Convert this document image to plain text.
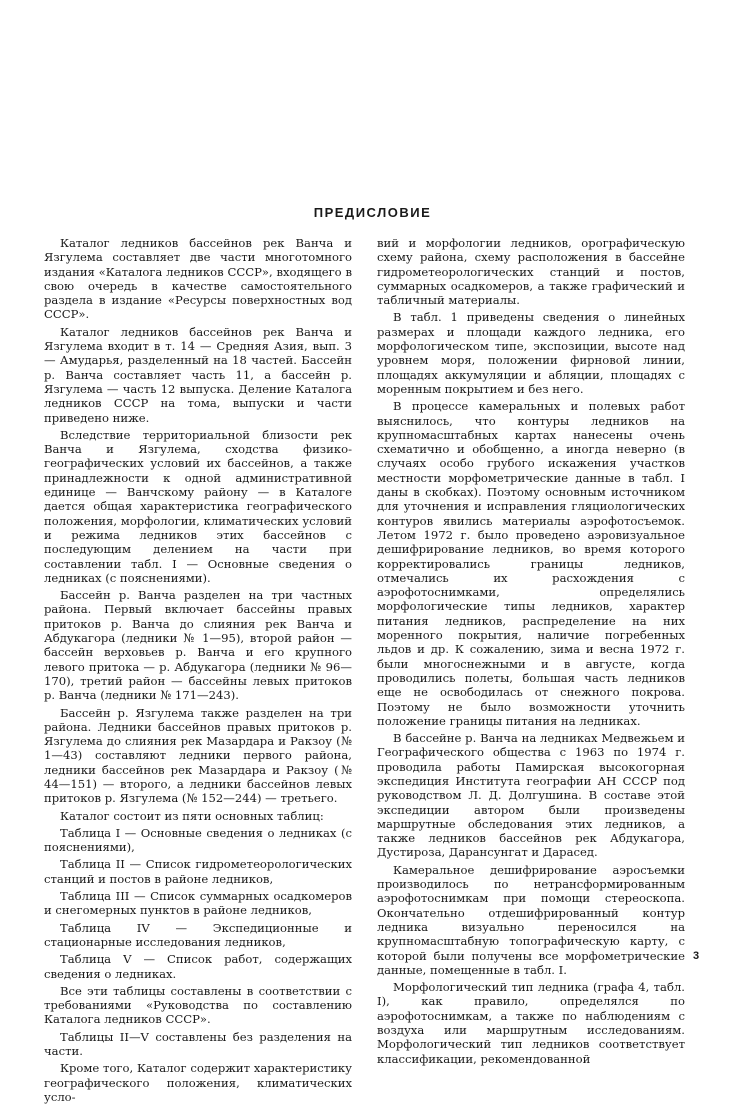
ПРЕДИСЛОВИЕ

Каталог ледников бассейнов рек Ванча и Язгулема составляет две части многотомного издания «Каталога ледников СССР», входящего в свою очередь в качестве самостоятельного раздела в издание «Ресурсы поверхностных вод СССР».

Каталог ледников бассейнов рек Ванча и Язгулема входит в т. 14 — Средняя Азия, вып. 3 — Амударья, разделенный на 18 частей. Бассейн р. Ванча составляет часть 11, а бассейн р. Язгулема — часть 12 выпуска. Деление Каталога ледников СССР на тома, выпуски и части приведено ниже.

Вследствие территориальной близости рек Ванча и Язгулема, сходства физико-географических условий их бассейнов, а также принадлежности к одной административной единице — Ванчскому району — в Каталоге дается общая характеристика географического положения, морфологии, климатических условий и режима ледников этих бассейнов с последующим делением на части при составлении табл. I — Основные сведения о ледниках (с пояснениями).

Бассейн р. Ванча разделен на три частных района. Первый включает бассейны правых притоков р. Ванча до слияния рек Ванча и Абдукагора (ледники № 1—95), второй район — бассейн верховьев р. Ванча и его крупного левого притока — р. Абдукагора (ледники № 96—170), третий район — бассейны левых притоков р. Ванча (ледники № 171—243).

Бассейн р. Язгулема также разделен на три района. Ледники бассейнов правых притоков р. Язгулема до слияния рек Мазардара и Ракзоу (№ 1—43) составляют ледники первого района, ледники бассейнов рек Мазардара и Ракзоу (№ 44—151) — второго, а ледники бассейнов левых притоков р. Язгулема (№ 152—244) — третьего.

Каталог состоит из пяти основных таблиц:

Таблица I — Основные сведения о ледниках (с пояснениями),

Таблица II — Список гидрометеорологических станций и постов в районе ледников,

Таблица III — Список суммарных осадкомеров и снегомерных пунктов в районе ледников,

Таблица IV — Экспедиционные и стационарные исследования ледников,

Таблица V — Список работ, содержащих сведения о ледниках.

Все эти таблицы составлены в соответствии с требованиями «Руководства по составлению Каталога ледников СССР».

Таблицы II—V составлены без разделения на части.

Кроме того, Каталог содержит характеристику географического положения, климатических усло-

вий и морфологии ледников, орографическую схему района, схему расположения в бассейне гидрометеорологических станций и постов, суммарных осадкомеров, а также графический и табличный материалы.

В табл. 1 приведены сведения о линейных размерах и площади каждого ледника, его морфологическом типе, экспозиции, высоте над уровнем моря, положении фирновой линии, площадях аккумуляции и абляции, площадях с моренным покрытием и без него.

В процессе камеральных и полевых работ выяснилось, что контуры ледников на крупномасштабных картах нанесены очень схематично и обобщенно, а иногда неверно (в случаях особо грубого искажения участков местности морфометрические данные в табл. I даны в скобках). Поэтому основным источником для уточнения и исправления гляциологических контуров явились материалы аэрофотосъемок. Летом 1972 г. было проведено аэровизуальное дешифрирование ледников, во время которого корректировались границы ледников, отмечались их расхождения с аэрофотоснимками, определялись морфологические типы ледников, характер питания ледников, распределение на них моренного покрытия, наличие погребенных льдов и др. К сожалению, зима и весна 1972 г. были многоснежными и в августе, когда проводились полеты, большая часть ледников еще не освободилась от снежного покрова. Поэтому не было возможности уточнить положение границы питания на ледниках.

В бассейне р. Ванча на ледниках Медвежьем и Географического общества с 1963 по 1974 г. проводила работы Памирская высокогорная экспедиция Института географии АН СССР под руководством Л. Д. Долгушина. В составе этой экспедиции автором были произведены маршрутные обследования этих ледников, а также ледников бассейнов рек Абдукагора, Дустироза, Дарансунгат и Дарасед.

Камеральное дешифрирование аэросъемки производилось по нетрансформированным аэрофотоснимкам при помощи стереоскопа. Окончательно отдешифрированный контур ледника визуально переносился на крупномасштабную топографическую карту, с которой были получены все морфометрические данные, помещенные в табл. I.

Морфологический тип ледника (графа 4, табл. I), как правило, определялся по аэрофотоснимкам, а также по наблюдениям с воздуха или маршрутным исследованиям. Морфологический тип ледников соответствует классификации, рекомендованной

3
